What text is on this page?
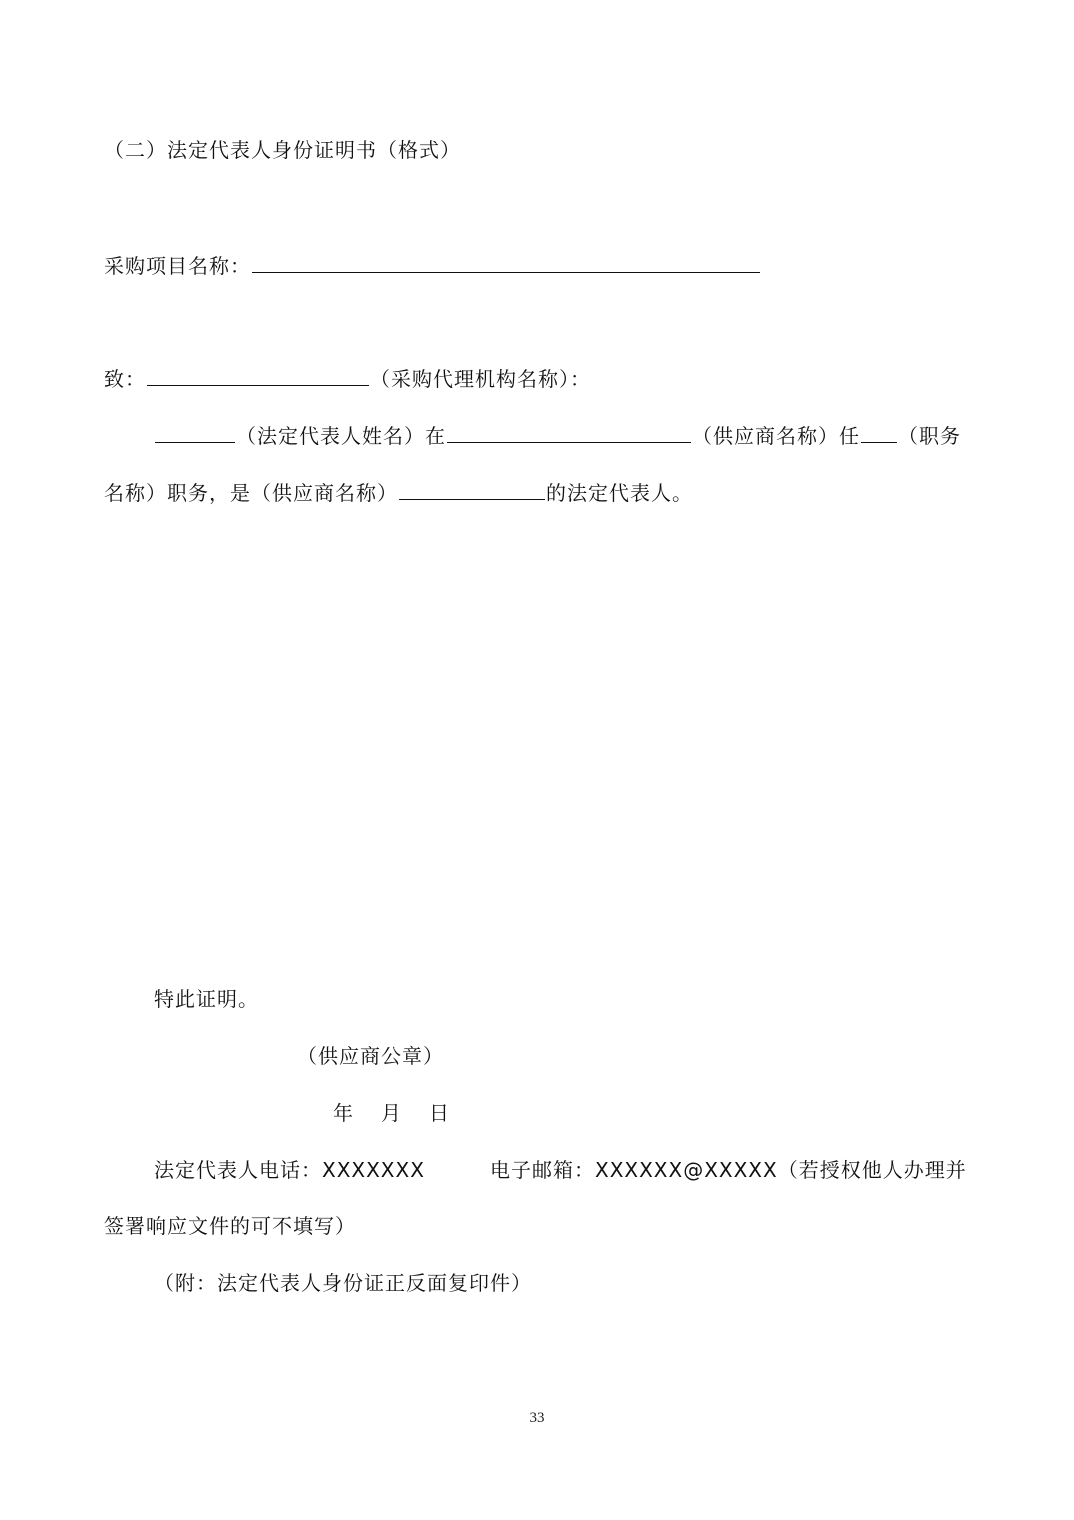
（二）法定代表人身份证明书（格式）
采购项目名称：
致：	（采购代理机构名称）：
（法定代表人姓名）在	（供应商名称）任 （职务
名称）职务，是（供应商名称）	的法定代表人。
特此证明。
（供应商公章）
年 月 日
法定代表人电话：XXXXXXX	电子邮箱：XXXXXX@XXXXX（若授权他人办理并
签署响应文件的可不填写）
（附：法定代表人身份证正反面复印件）
33
